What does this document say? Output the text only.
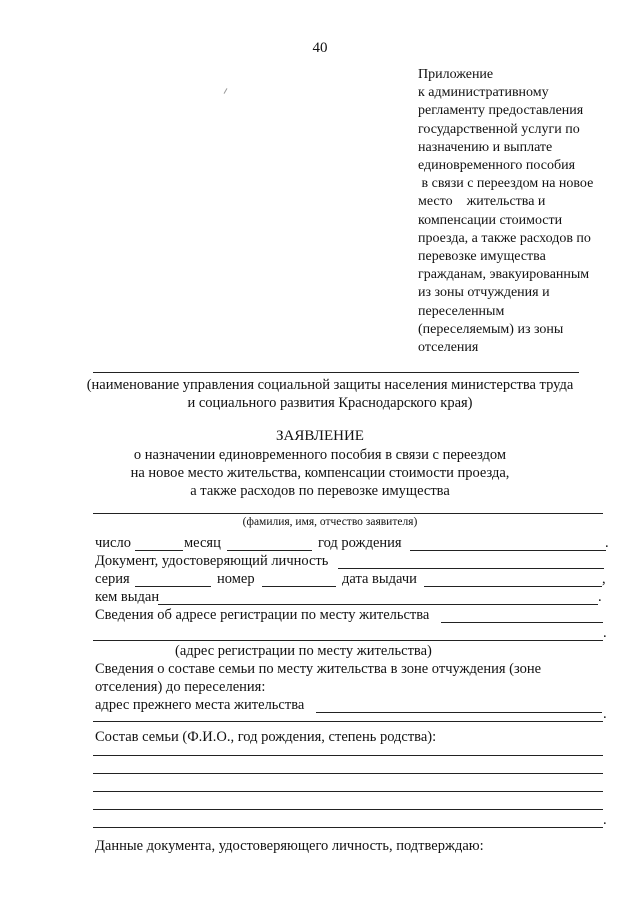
40
Приложение
к административному
регламенту предоставления
государственной услуги по
назначению и выплате
единовременного пособия
в связи с переездом на новое
место    жительства и
компенсации стоимости
проезда, а также расходов по
перевозке имущества
гражданам, эвакуированным
из зоны отчуждения и
переселенным
(переселяемым) из зоны
отселения
(наименование управления социальной защиты населения министерства труда
и социального развития Краснодарского края)
ЗАЯВЛЕНИЕ
о назначении единовременного пособия в связи с переездом
на новое место жительства, компенсации стоимости проезда,
а также расходов по перевозке имущества
(фамилия, имя, отчество заявителя)
число	месяц	год рождения	.
Документ, удостоверяющий личность
серия	номер	дата выдачи	,
кем выдан	.
Сведения об адресе регистрации по месту жительства
.
(адрес регистрации по месту жительства)
Сведения о составе семьи по месту жительства в зоне отчуждения (зоне
отселения) до переселения:
адрес прежнего места жительства
.
Состав семьи (Ф.И.О., год рождения, степень родства):
.
Данные документа, удостоверяющего личность, подтверждаю:
